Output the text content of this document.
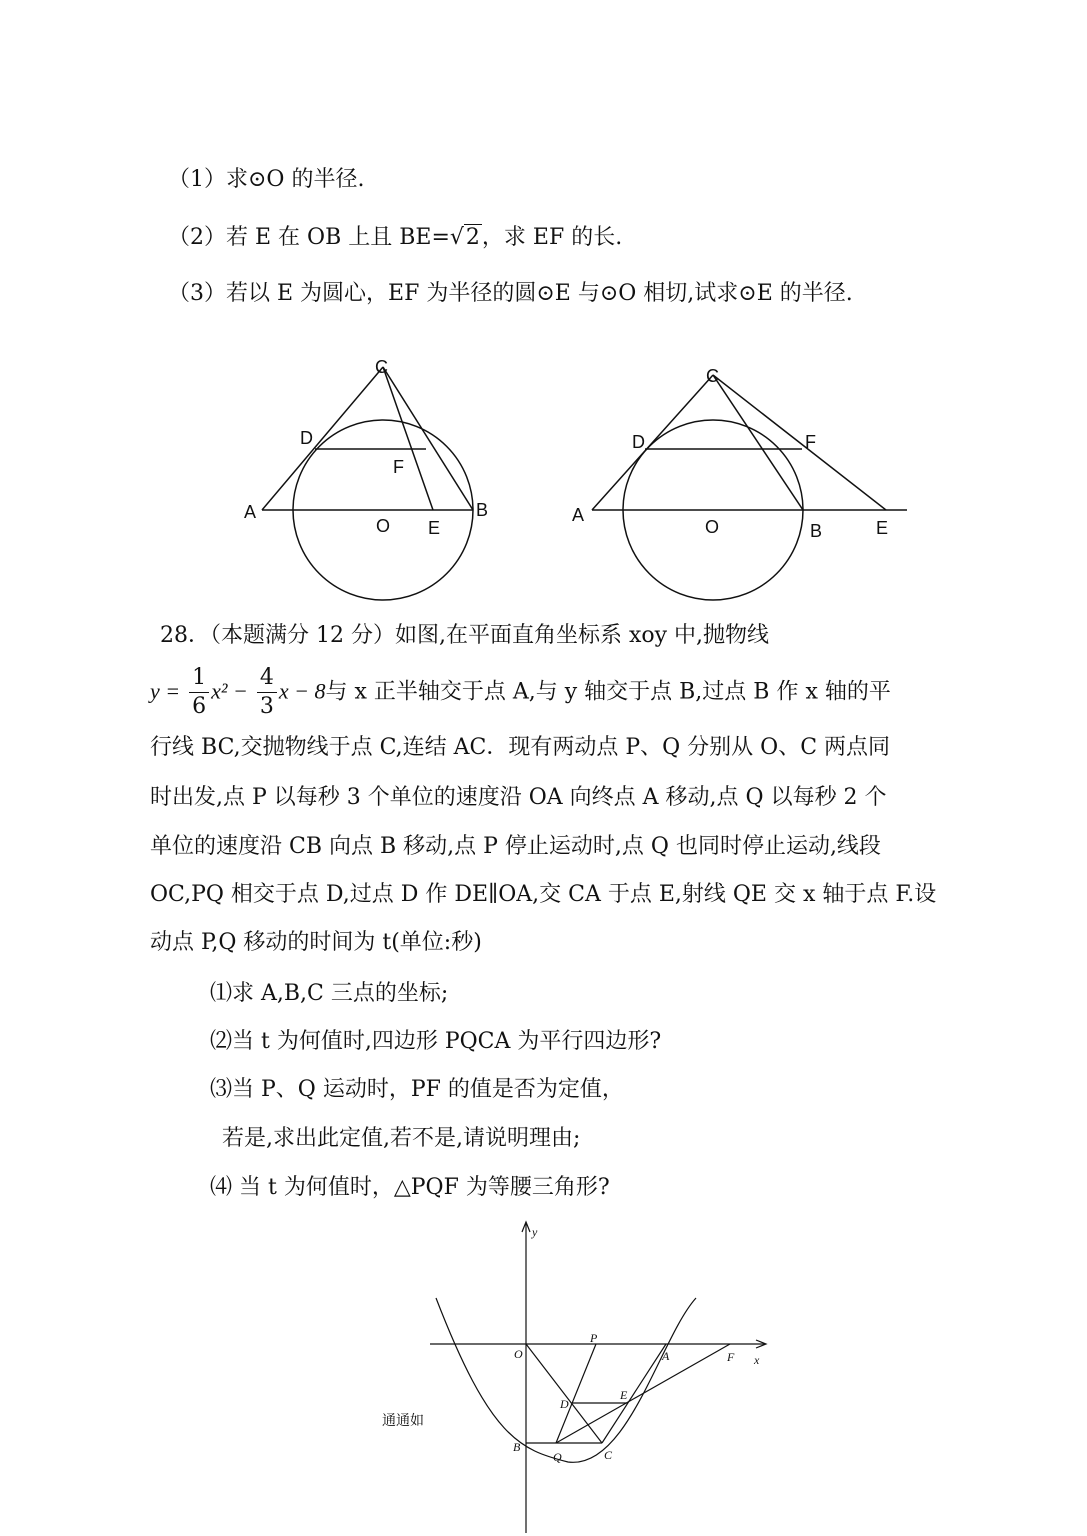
（1）求⊙O 的半径.
（2）若 E 在 OB 上且 BE=√2，求 EF 的长.
（3）若以 E 为圆心，EF 为半径的圆⊙E 与⊙O 相切,试求⊙E 的半径.
C
D
F
A
O E
B
C
D	F
A
O	B	E
28．（本题满分 12 分）如图,在平面直角坐标系 xoy 中,抛物线
$y = \frac{1}{6} x^2 - \frac{4}{3}$ x − 8与 x 正半轴交于点 A,与 y 轴交于点 B,过点 B 作 x 轴的平
行线 BC,交抛物线于点 C,连结 AC．现有两动点 P、Q 分别从 O、C 两点同
时出发,点 P 以每秒 3 个单位的速度沿 OA 向终点 A 移动,点 Q 以每秒 2 个
单位的速度沿 CB 向点 B 移动,点 P 停止运动时,点 Q 也同时停止运动,线段
OC,PQ 相交于点 D,过点 D 作 DE∥OA,交 CA 于点 E,射线 QE 交 x 轴于点 F.设
动点 P,Q 移动的时间为 t(单位:秒)
⑴求 A,B,C 三点的坐标;
⑵当 t 为何值时,四边形 PQCA 为平行四边形?
⑶当 P、Q 运动时，PF 的值是否为定值，
若是,求出此定值,若不是,请说明理由;
⑷ 当 t 为何值时，△PQF 为等腰三角形?
y
x
O
P
A	F
D
E
B
Q	C
通通如
